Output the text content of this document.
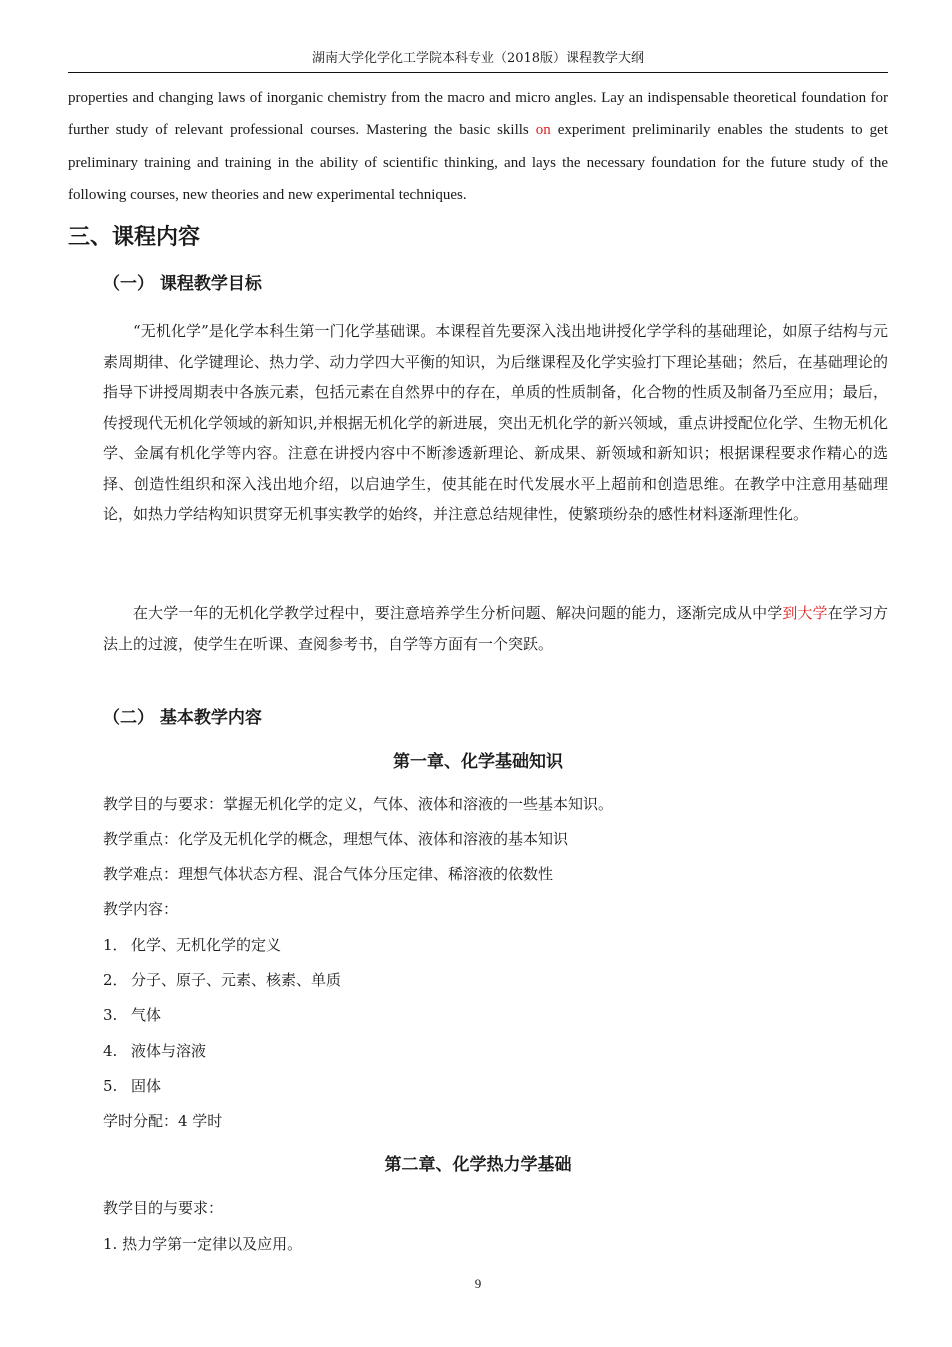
湖南大学化学化工学院本科专业（2018版）课程教学大纲
properties and changing laws of inorganic chemistry from the macro and micro angles. Lay an indispensable theoretical foundation for further study of relevant professional courses. Mastering the basic skills on experiment preliminarily enables the students to get preliminary training and training in the ability of scientific thinking, and lays the necessary foundation for the future study of the following courses, new theories and new experimental techniques.
三、课程内容
（一） 课程教学目标
“无机化学”是化学本科生第一门化学基础课。本课程首先要深入浅出地讲授化学学科的基础理论，如原子结构与元素周期律、化学键理论、热力学、动力学四大平衡的知识，为后继课程及化学实验打下理论基础；然后，在基础理论的指导下讲授周期表中各族元素，包括元素在自然界中的存在，单质的性质制备，化合物的性质及制备乃至应用；最后，传授现代无机化学领域的新知识,并根据无机化学的新进展，突出无机化学的新兴领域，重点讲授配位化学、生物无机化学、金属有机化学等内容。注意在讲授内容中不断渗透新理论、新成果、新领域和新知识；根据课程要求作精心的选择、创造性组织和深入浅出地介绍，以启迪学生，使其能在时代发展水平上超前和创造思维。在教学中注意用基础理论，如热力学结构知识贯穿无机事实教学的始终，并注意总结规律性，使繁琐纷杂的感性材料逐渐理性化。
在大学一年的无机化学教学过程中，要注意培养学生分析问题、解决问题的能力，逐渐完成从中学到大学在学习方法上的过渡，使学生在听课、查阅参考书，自学等方面有一个突跃。
（二） 基本教学内容
第一章、化学基础知识
教学目的与要求：掌握无机化学的定义，气体、液体和溶液的一些基本知识。
教学重点：化学及无机化学的概念，理想气体、液体和溶液的基本知识
教学难点：理想气体状态方程、混合气体分压定律、稀溶液的依数性
教学内容：
1． 化学、无机化学的定义
2． 分子、原子、元素、核素、单质
3. 气体
4. 液体与溶液
5. 固体
学时分配：4 学时
第二章、化学热力学基础
教学目的与要求：
1. 热力学第一定律以及应用。
9
